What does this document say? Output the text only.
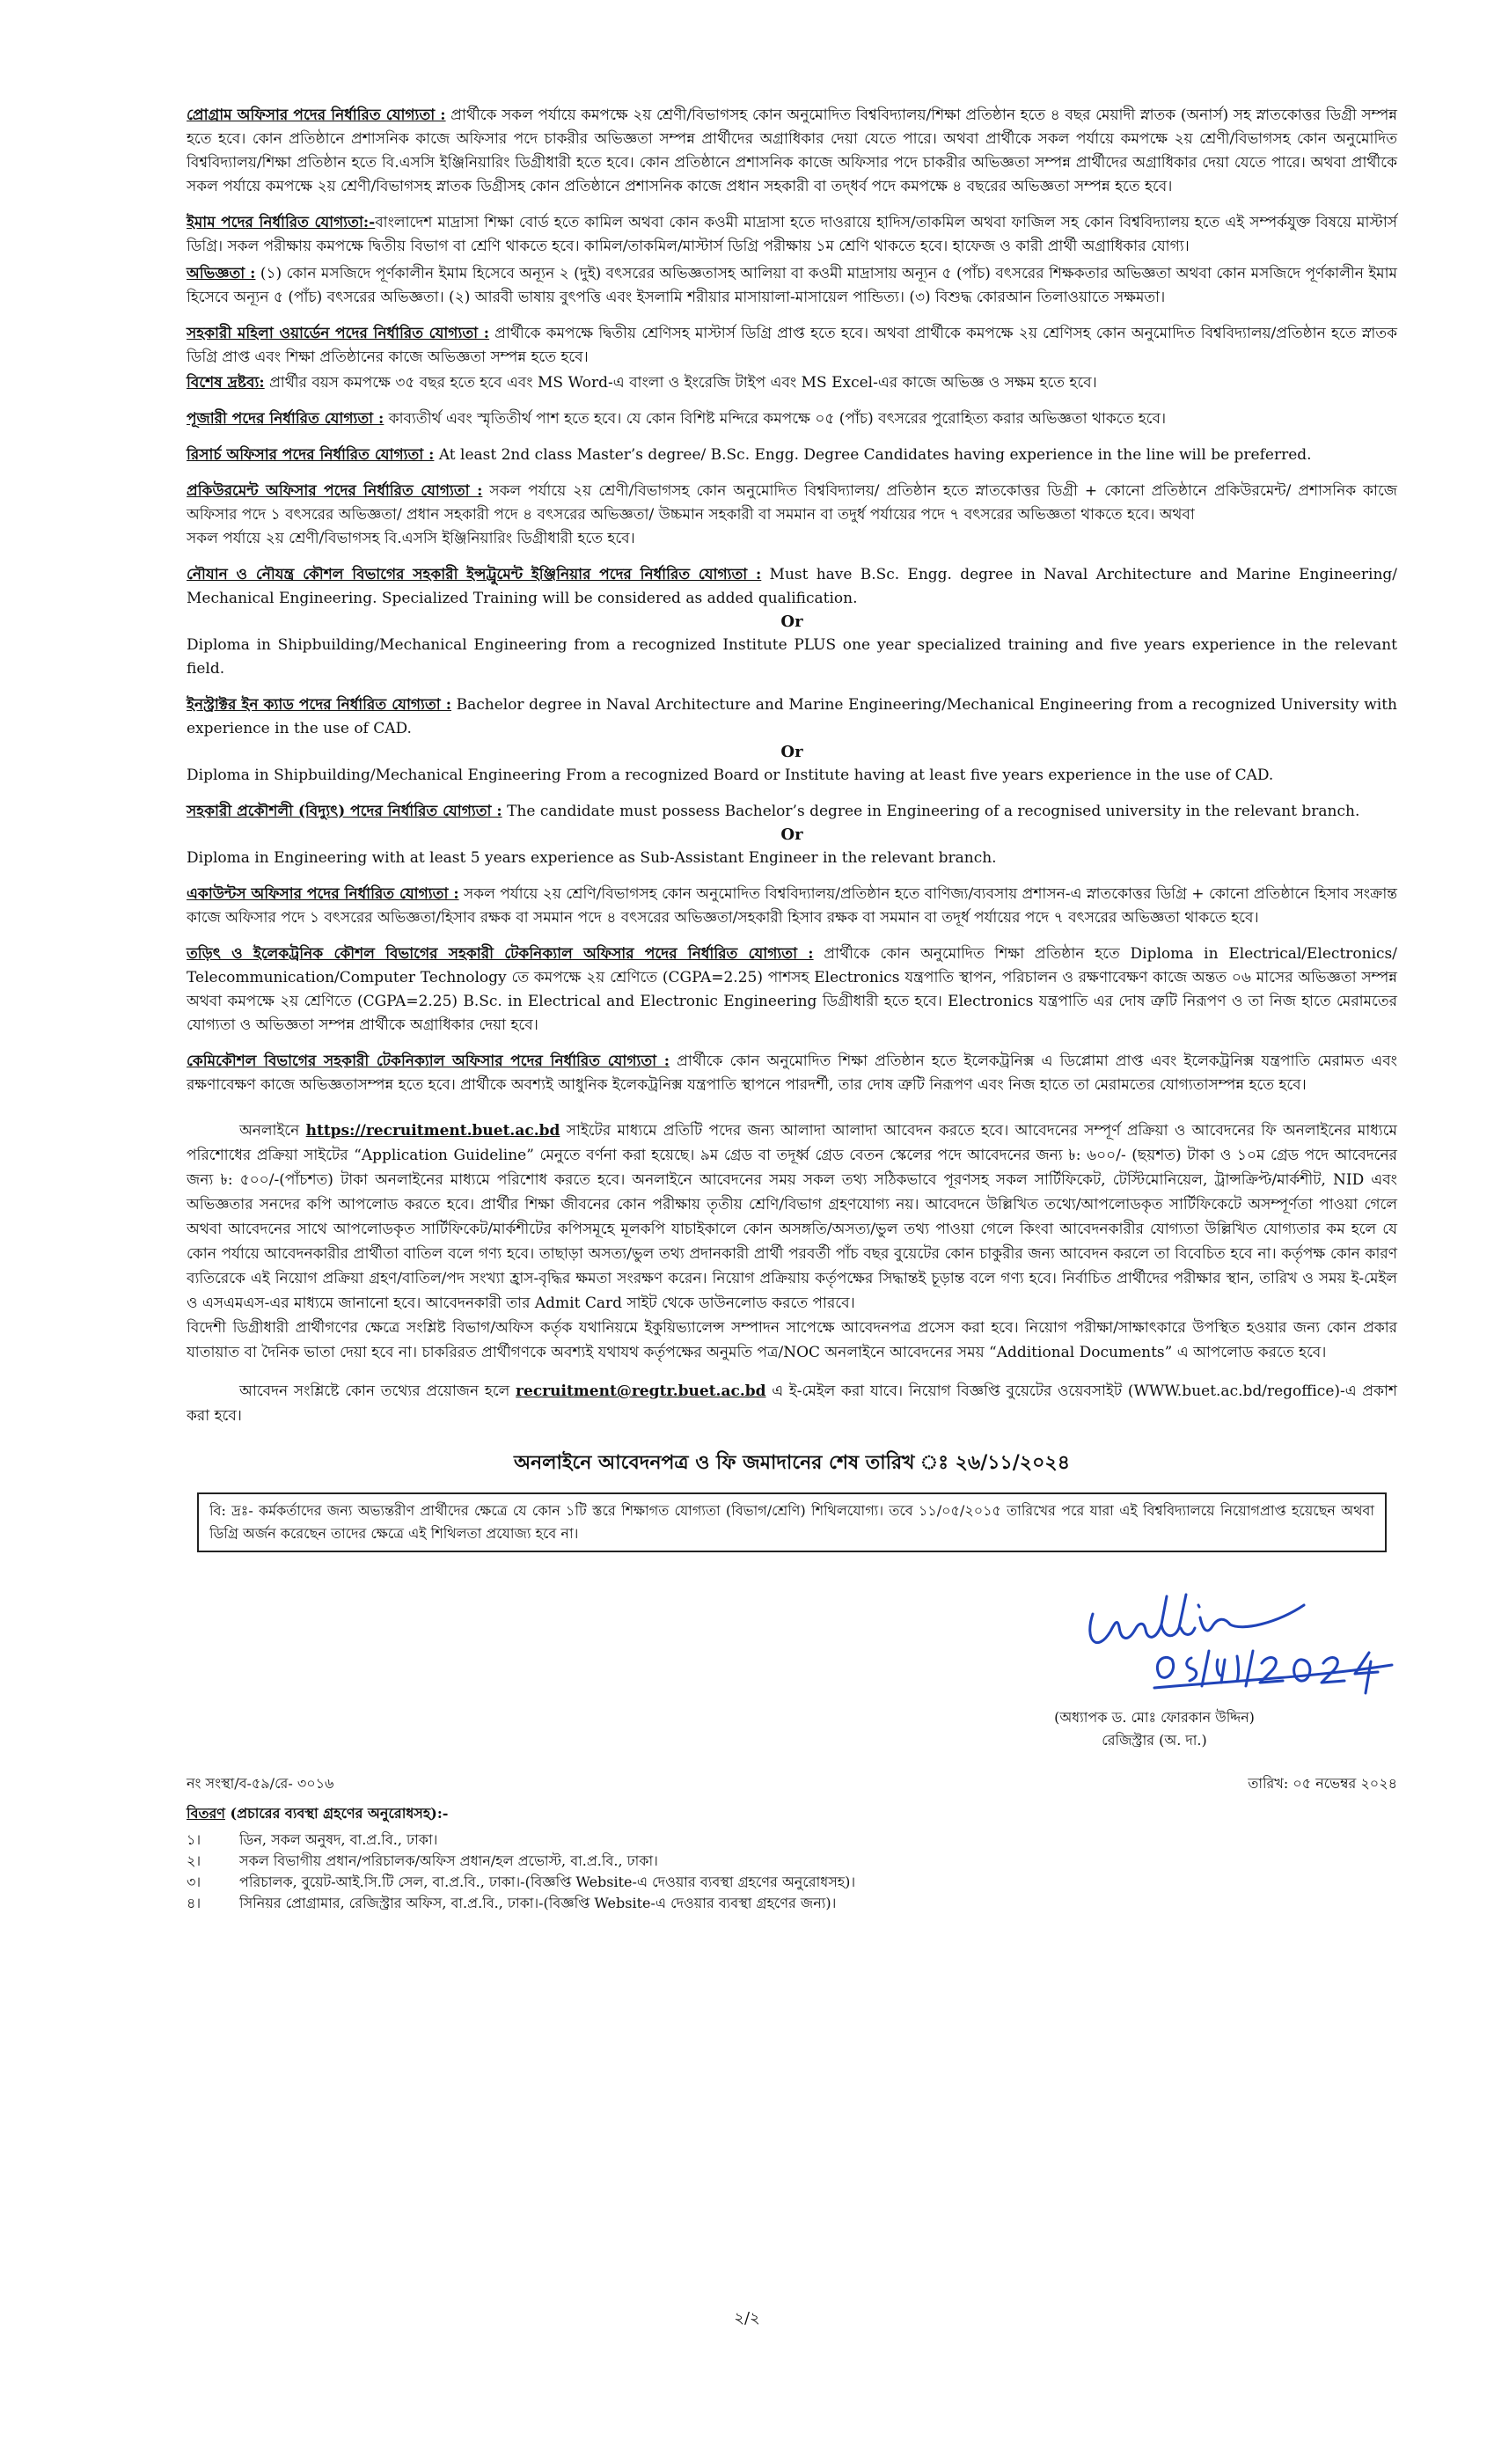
প্রোগ্রাম অফিসার পদের নির্ধারিত যোগ্যতা : প্রার্থীকে সকল পর্যায়ে কমপক্ষে ২য় শ্রেণী/বিভাগসহ কোন অনুমোদিত বিশ্ববিদ্যালয়/শিক্ষা প্রতিষ্ঠান হতে ৪ বছর মেয়াদী স্নাতক (অনার্স) সহ স্নাতকোত্তর ডিগ্রী সম্পন্ন হতে হবে। কোন প্রতিষ্ঠানে প্রশাসনিক কাজে অফিসার পদে চাকরীর অভিজ্ঞতা সম্পন্ন প্রার্থীদের অগ্রাধিকার দেয়া যেতে পারে। অথবা প্রার্থীকে সকল পর্যায়ে কমপক্ষে ২য় শ্রেণী/বিভাগসহ কোন অনুমোদিত বিশ্ববিদ্যালয়/শিক্ষা প্রতিষ্ঠান হতে বি.এসসি ইঞ্জিনিয়ারিং ডিগ্রীধারী হতে হবে। কোন প্রতিষ্ঠানে প্রশাসনিক কাজে অফিসার পদে চাকরীর অভিজ্ঞতা সম্পন্ন প্রার্থীদের অগ্রাধিকার দেয়া যেতে পারে। অথবা প্রার্থীকে সকল পর্যায়ে কমপক্ষে ২য় শ্রেণী/বিভাগসহ স্নাতক ডিগ্রীসহ কোন প্রতিষ্ঠানে প্রশাসনিক কাজে প্রধান সহকারী বা তদ্‌ধর্ব পদে কমপক্ষে ৪ বছরের অভিজ্ঞতা সম্পন্ন হতে হবে।

ইমাম পদের নির্ধারিত যোগ্যতা:-বাংলাদেশ মাদ্রাসা শিক্ষা বোর্ড হতে কামিল অথবা কোন কওমী মাদ্রাসা হতে দাওরায়ে হাদিস/তাকমিল অথবা ফাজিল সহ কোন বিশ্ববিদ্যালয় হতে এই সম্পর্কযুক্ত বিষয়ে মাস্টার্স ডিগ্রি। সকল পরীক্ষায় কমপক্ষে দ্বিতীয় বিভাগ বা শ্রেণি থাকতে হবে। কামিল/তাকমিল/মাস্টার্স ডিগ্রি পরীক্ষায় ১ম শ্রেণি থাকতে হবে। হাফেজ ও কারী প্রার্থী অগ্রাধিকার যোগ্য।

অভিজ্ঞতা : (১) কোন মসজিদে পূর্ণকালীন ইমাম হিসেবে অন্যূন ২ (দুই) বৎসরের অভিজ্ঞতাসহ আলিয়া বা কওমী মাদ্রাসায় অন্যূন ৫ (পাঁচ) বৎসরের শিক্ষকতার অভিজ্ঞতা অথবা কোন মসজিদে পূর্ণকালীন ইমাম হিসেবে অন্যূন ৫ (পাঁচ) বৎসরের অভিজ্ঞতা। (২) আরবী ভাষায় বুৎপত্তি এবং ইসলামি শরীয়ার মাসায়ালা-মাসায়েল পান্ডিত্য। (৩) বিশুদ্ধ কোরআন তিলাওয়াতে সক্ষমতা।

সহকারী মহিলা ওয়ার্ডেন পদের নির্ধারিত যোগ্যতা : প্রার্থীকে কমপক্ষে দ্বিতীয় শ্রেণিসহ মাস্টার্স ডিগ্রি প্রাপ্ত হতে হবে। অথবা প্রার্থীকে কমপক্ষে ২য় শ্রেণিসহ কোন অনুমোদিত বিশ্ববিদ্যালয়/প্রতিষ্ঠান হতে স্নাতক ডিগ্রি প্রাপ্ত এবং শিক্ষা প্রতিষ্ঠানের কাজে অভিজ্ঞতা সম্পন্ন হতে হবে।

বিশেষ দ্রষ্টব্য: প্রার্থীর বয়স কমপক্ষে ৩৫ বছর হতে হবে এবং MS Word-এ বাংলা ও ইংরেজি টাইপ এবং MS Excel-এর কাজে অভিজ্ঞ ও সক্ষম হতে হবে।

পূজারী পদের নির্ধারিত যোগ্যতা : কাব্যতীর্থ এবং স্মৃতিতীর্থ পাশ হতে হবে। যে কোন বিশিষ্ট মন্দিরে কমপক্ষে ০৫ (পাঁচ) বৎসরের পুরোহিত্য করার অভিজ্ঞতা থাকতে হবে।

রিসার্চ অফিসার পদের নির্ধারিত যোগ্যতা : At least 2nd class Master’s degree/ B.Sc. Engg. Degree Candidates having experience in the line will be preferred.

প্রকিউরমেন্ট অফিসার পদের নির্ধারিত যোগ্যতা : সকল পর্যায়ে ২য় শ্রেণী/বিভাগসহ কোন অনুমোদিত বিশ্ববিদ্যালয়/ প্রতিষ্ঠান হতে স্নাতকোত্তর ডিগ্রী + কোনো প্রতিষ্ঠানে প্রকিউরমেন্ট/ প্রশাসনিক কাজে অফিসার পদে ১ বৎসরের অভিজ্ঞতা/ প্রধান সহকারী পদে ৪ বৎসরের অভিজ্ঞতা/ উচ্চমান সহকারী বা সমমান বা তদুর্ধ পর্যায়ের পদে ৭ বৎসরের অভিজ্ঞতা থাকতে হবে। অথবা

সকল পর্যায়ে ২য় শ্রেণী/বিভাগসহ বি.এসসি ইঞ্জিনিয়ারিং ডিগ্রীধারী হতে হবে।

নৌযান ও নৌযন্ত্র কৌশল বিভাগের সহকারী ইন্সট্রুমেন্ট ইঞ্জিনিয়ার পদের নির্ধারিত যোগ্যতা : Must have B.Sc. Engg. degree in Naval Architecture and Marine Engineering/ Mechanical Engineering. Specialized Training will be considered as added qualification.

Or

Diploma in Shipbuilding/Mechanical Engineering from a recognized Institute PLUS one year specialized training and five years experience in the relevant field.

ইনস্ট্রাক্টর ইন ক্যাড পদের নির্ধারিত যোগ্যতা : Bachelor degree in Naval Architecture and Marine Engineering/Mechanical Engineering from a recognized University with experience in the use of CAD.

Or

Diploma in Shipbuilding/Mechanical Engineering From a recognized Board or Institute having at least five years experience in the use of CAD.

সহকারী প্রকৌশলী (বিদ্যুৎ) পদের নির্ধারিত যোগ্যতা : The candidate must possess Bachelor’s degree in Engineering of a recognised university in the relevant branch.

Or

Diploma in Engineering with at least 5 years experience as Sub-Assistant Engineer in the relevant branch.

একাউন্টস অফিসার পদের নির্ধারিত যোগ্যতা : সকল পর্যায়ে ২য় শ্রেণি/বিভাগসহ কোন অনুমোদিত বিশ্ববিদ্যালয়/প্রতিষ্ঠান হতে বাণিজ্য/ব্যবসায় প্রশাসন-এ স্নাতকোত্তর ডিগ্রি + কোনো প্রতিষ্ঠানে হিসাব সংক্রান্ত কাজে অফিসার পদে ১ বৎসরের অভিজ্ঞতা/হিসাব রক্ষক বা সমমান পদে ৪ বৎসরের অভিজ্ঞতা/সহকারী হিসাব রক্ষক বা সমমান বা তদূর্ধ পর্যায়ের পদে ৭ বৎসরের অভিজ্ঞতা থাকতে হবে।

তড়িৎ ও ইলেকট্রনিক কৌশল বিভাগের সহকারী টেকনিক্যাল অফিসার পদের নির্ধারিত যোগ্যতা : প্রার্থীকে কোন অনুমোদিত শিক্ষা প্রতিষ্ঠান হতে Diploma in Electrical/Electronics/ Telecommunication/Computer Technology তে কমপক্ষে ২য় শ্রেণিতে (CGPA=2.25) পাশসহ Electronics যন্ত্রপাতি স্থাপন, পরিচালন ও রক্ষণাবেক্ষণ কাজে অন্তত ০৬ মাসের অভিজ্ঞতা সম্পন্ন অথবা কমপক্ষে ২য় শ্রেণিতে (CGPA=2.25) B.Sc. in Electrical and Electronic Engineering ডিগ্রীধারী হতে হবে। Electronics যন্ত্রপাতি এর দোষ ত্রুটি নিরূপণ ও তা নিজ হাতে মেরামতের যোগ্যতা ও অভিজ্ঞতা সম্পন্ন প্রার্থীকে অগ্রাধিকার দেয়া হবে।

কেমিকৌশল বিভাগের সহকারী টেকনিক্যাল অফিসার পদের নির্ধারিত যোগ্যতা : প্রার্থীকে কোন অনুমোদিত শিক্ষা প্রতিষ্ঠান হতে ইলেকট্রনিক্স এ ডিপ্লোমা প্রাপ্ত এবং ইলেকট্রনিক্স যন্ত্রপাতি মেরামত এবং রক্ষণাবেক্ষণ কাজে অভিজ্ঞতাসম্পন্ন হতে হবে। প্রার্থীকে অবশ্যই আধুনিক ইলেকট্রনিক্স যন্ত্রপাতি স্থাপনে পারদর্শী, তার দোষ ত্রুটি নিরূপণ এবং নিজ হাতে তা মেরামতের যোগ্যতাসম্পন্ন হতে হবে।

অনলাইনে https://recruitment.buet.ac.bd সাইটের মাধ্যমে প্রতিটি পদের জন্য আলাদা আলাদা আবেদন করতে হবে। আবেদনের সম্পূর্ণ প্রক্রিয়া ও আবেদনের ফি অনলাইনের মাধ্যমে পরিশোধের প্রক্রিয়া সাইটের “Application Guideline” মেনুতে বর্ণনা করা হয়েছে। ৯ম গ্রেড বা তদূর্ধ্ব গ্রেড বেতন স্কেলের পদে আবেদনের জন্য ৳: ৬০০/- (ছয়শত) টাকা ও ১০ম গ্রেড পদে আবেদনের জন্য ৳: ৫০০/-(পাঁচশত) টাকা অনলাইনের মাধ্যমে পরিশোধ করতে হবে। অনলাইনে আবেদনের সময় সকল তথ্য সঠিকভাবে পূরণসহ সকল সার্টিফিকেট, টেস্টিমোনিয়েল, ট্রান্সক্রিপ্ট/মার্কশীট, NID এবং অভিজ্ঞতার সনদের কপি আপলোড করতে হবে। প্রার্থীর শিক্ষা জীবনের কোন পরীক্ষায় তৃতীয় শ্রেণি/বিভাগ গ্রহণযোগ্য নয়। আবেদনে উল্লিখিত তথ্যে/আপলোডকৃত সার্টিফিকেটে অসম্পূর্ণতা পাওয়া গেলে অথবা আবেদনের সাথে আপলোডকৃত সার্টিফিকেট/মার্কশীটের কপিসমূহে মূলকপি যাচাইকালে কোন অসঙ্গতি/অসত্য/ভুল তথ্য পাওয়া গেলে কিংবা আবেদনকারীর যোগ্যতা উল্লিখিত যোগ্যতার কম হলে যে কোন পর্যায়ে আবেদনকারীর প্রার্থীতা বাতিল বলে গণ্য হবে। তাছাড়া অসত্য/ভুল তথ্য প্রদানকারী প্রার্থী পরবর্তী পাঁচ বছর বুয়েটের কোন চাকুরীর জন্য আবেদন করলে তা বিবেচিত হবে না। কর্তৃপক্ষ কোন কারণ ব্যতিরেকে এই নিয়োগ প্রক্রিয়া গ্রহণ/বাতিল/পদ সংখ্যা হ্রাস-বৃদ্ধির ক্ষমতা সংরক্ষণ করেন। নিয়োগ প্রক্রিয়ায় কর্তৃপক্ষের সিদ্ধান্তই চূড়ান্ত বলে গণ্য হবে। নির্বাচিত প্রার্থীদের পরীক্ষার স্থান, তারিখ ও সময় ই-মেইল ও এসএমএস-এর মাধ্যমে জানানো হবে। আবেদনকারী তার Admit Card সাইট থেকে ডাউনলোড করতে পারবে।

বিদেশী ডিগ্রীধারী প্রার্থীগণের ক্ষেত্রে সংশ্লিষ্ট বিভাগ/অফিস কর্তৃক যথানিয়মে ইকুয়িভ্যালেন্স সম্পাদন সাপেক্ষে আবেদনপত্র প্রসেস করা হবে। নিয়োগ পরীক্ষা/সাক্ষাৎকারে উপস্থিত হওয়ার জন্য কোন প্রকার যাতায়াত বা দৈনিক ভাতা দেয়া হবে না। চাকরিরত প্রার্থীগণকে অবশ্যই যথাযথ কর্তৃপক্ষের অনুমতি পত্র/NOC অনলাইনে আবেদনের সময় “Additional Documents” এ আপলোড করতে হবে।

আবেদন সংশ্লিষ্টে কোন তথ্যের প্রয়োজন হলে recruitment@regtr.buet.ac.bd এ ই-মেইল করা যাবে। নিয়োগ বিজ্ঞপ্তি বুয়েটের ওয়েবসাইট (WWW.buet.ac.bd/regoffice)-এ প্রকাশ করা হবে।

অনলাইনে আবেদনপত্র ও ফি জমাদানের শেষ তারিখ ঃ ২৬/১১/২০২৪

বি: দ্রঃ- কর্মকর্তাদের জন্য অভ্যন্তরীণ প্রার্থীদের ক্ষেত্রে যে কোন ১টি স্তরে শিক্ষাগত যোগ্যতা (বিভাগ/শ্রেণি) শিথিলযোগ্য। তবে ১১/০৫/২০১৫ তারিখের পরে যারা এই বিশ্ববিদ্যালয়ে নিয়োগপ্রাপ্ত হয়েছেন অথবা ডিগ্রি অর্জন করেছেন তাদের ক্ষেত্রে এই শিথিলতা প্রযোজ্য হবে না।
(অধ্যাপক ড. মোঃ ফোরকান উদ্দিন)
রেজিস্ট্রার (অ. দা.)
নং সংস্থা/ব-৫৯/রে- ৩০১৬	তারিখ: ০৫ নভেম্বর ২০২৪
বিতরণ (প্রচারের ব্যবস্থা গ্রহণের অনুরোধসহ):-
১।	ডিন, সকল অনুষদ, বা.প্র.বি., ঢাকা।
২।	সকল বিভাগীয় প্রধান/পরিচালক/অফিস প্রধান/হল প্রভোস্ট, বা.প্র.বি., ঢাকা।
৩।	পরিচালক, বুয়েট-আই.সি.টি সেল, বা.প্র.বি., ঢাকা।-(বিজ্ঞপ্তি Website-এ দেওয়ার ব্যবস্থা গ্রহণের অনুরোধসহ)।
৪।	সিনিয়র প্রোগ্রামার, রেজিস্ট্রার অফিস, বা.প্র.বি., ঢাকা।-(বিজ্ঞপ্তি Website-এ দেওয়ার ব্যবস্থা গ্রহণের জন্য)।
২/২
